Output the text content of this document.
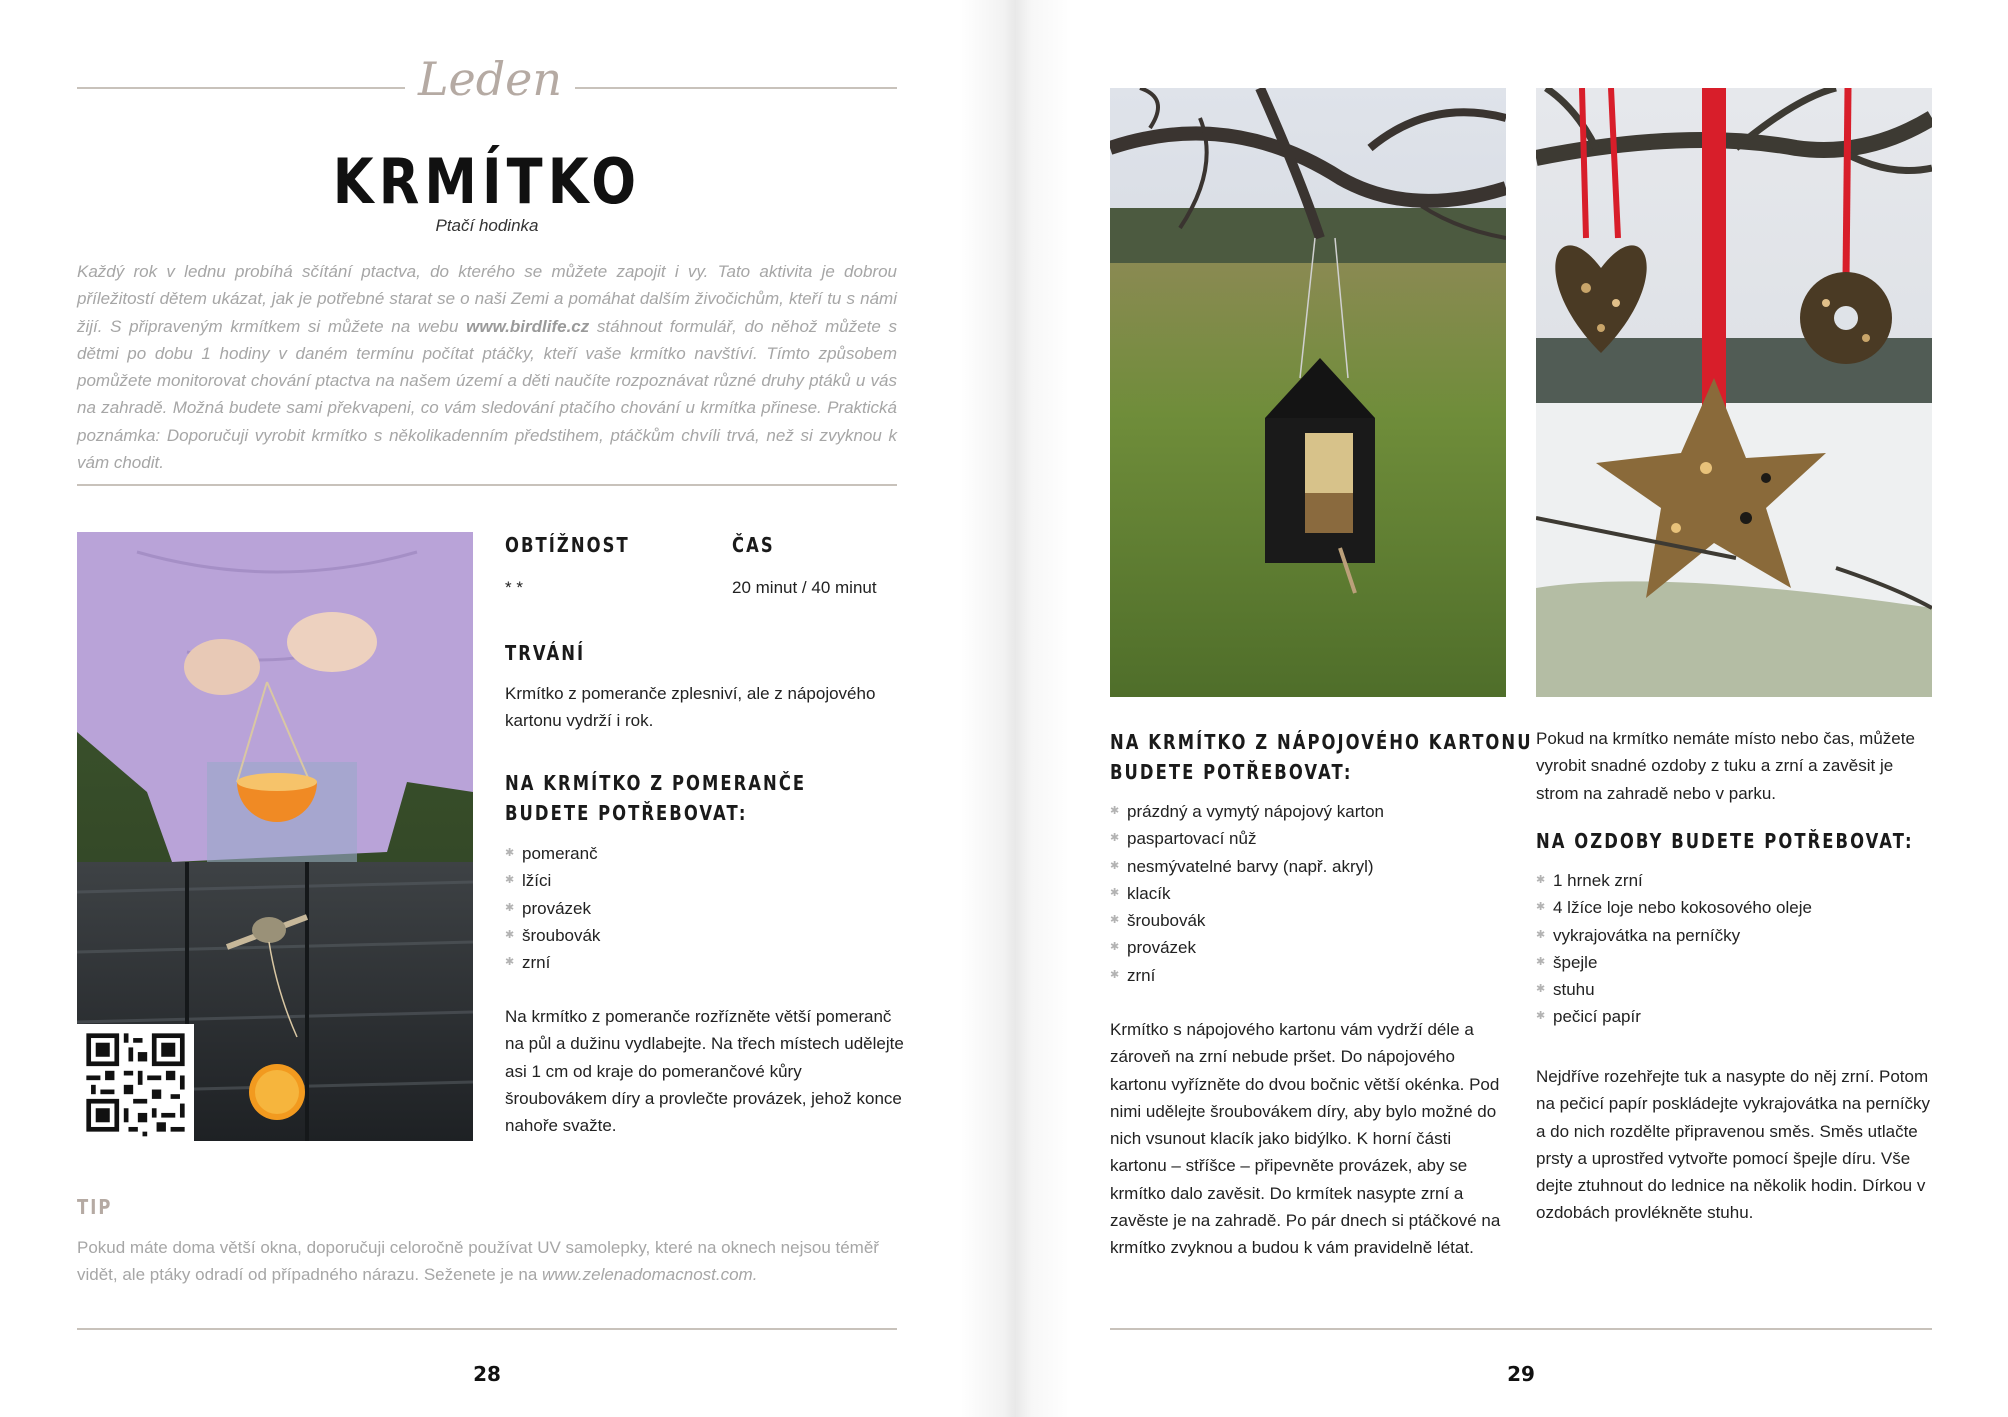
Leden
KRMÍTKO
Ptačí hodinka
Každý rok v lednu probíhá sčítání ptactva, do kterého se můžete zapojit i vy. Tato aktivita je dobrou příležitostí dětem ukázat, jak je potřebné starat se o naši Zemi a pomáhat dalším živočichům, kteří tu s námi žijí. S připraveným krmítkem si můžete na webu www.birdlife.cz stáhnout formulář, do něhož můžete s dětmi po dobu 1 hodiny v daném termínu počítat ptáčky, kteří vaše krmítko navštíví. Tímto způsobem pomůžete monitorovat chování ptactva na našem území a děti naučíte rozpoznávat různé druhy ptáků u vás na zahradě. Možná budete sami překvapeni, co vám sledování ptačího chování u krmítka přinese. Praktická poznámka: Doporučuji vyrobit krmítko s několikadenním předstihem, ptáčkům chvíli trvá, než si zvyknou k vám chodit.
OBTÍŽNOST
* *
ČAS
20 minut / 40 minut
TRVÁNÍ
Krmítko z pomeranče zplesniví, ale z nápojového kartonu vydrží i rok.
NA KRMÍTKO Z POMERANČE
BUDETE POTŘEBOVAT:
✱ pomeranč
✱ lžíci
✱ provázek
✱ šroubovák
✱ zrní
Na krmítko z pomeranče rozřízněte větší pomeranč na půl a dužinu vydlabejte. Na třech místech udělejte asi 1 cm od kraje do pomerančové kůry šroubovákem díry a provlečte provázek, jehož konce nahoře svažte.
TIP
Pokud máte doma větší okna, doporučuji celoročně používat UV samolepky, které na oknech nejsou téměř vidět, ale ptáky odradí od případného nárazu. Seženete je na www.zelenadomacnost.com.
28
NA KRMÍTKO Z NÁPOJOVÉHO KARTONU
BUDETE POTŘEBOVAT:
✱ prázdný a vymytý nápojový karton
✱ paspartovací nůž
✱ nesmývatelné barvy (např. akryl)
✱ klacík
✱ šroubovák
✱ provázek
✱ zrní
Krmítko s nápojového kartonu vám vydrží déle a zároveň na zrní nebude pršet. Do nápojového kartonu vyřízněte do dvou bočnic větší okénka. Pod nimi udělejte šroubovákem díry, aby bylo možné do nich vsunout klacík jako bidýlko. K horní části kartonu – stříšce – připevněte provázek, aby se krmítko dalo zavěsit. Do krmítek nasypte zrní a zavěste je na zahradě. Po pár dnech si ptáčkové na krmítko zvyknou a budou k vám pravidelně létat.
Pokud na krmítko nemáte místo nebo čas, můžete vyrobit snadné ozdoby z tuku a zrní a zavěsit je strom na zahradě nebo v parku.
NA OZDOBY BUDETE POTŘEBOVAT:
✱ 1 hrnek zrní
✱ 4 lžíce loje nebo kokosového oleje
✱ vykrajovátka na perníčky
✱ špejle
✱ stuhu
✱ pečicí papír
Nejdříve rozehřejte tuk a nasypte do něj zrní. Potom na pečicí papír poskládejte vykrajovátka na perníčky a do nich rozdělte připravenou směs. Směs utlačte prsty a uprostřed vytvořte pomocí špejle díru. Vše dejte ztuhnout do lednice na několik hodin. Dírkou v ozdobách provlékněte stuhu.
29
